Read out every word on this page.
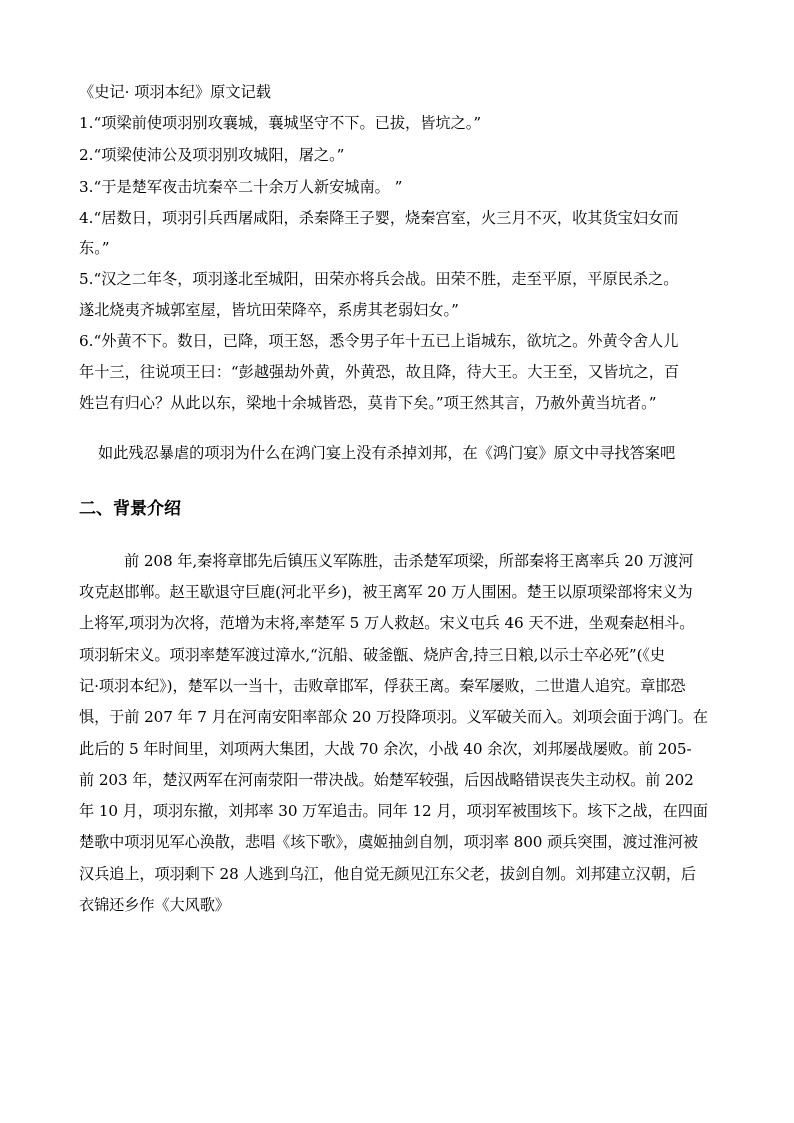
《史记· 项羽本纪》原文记载
1.“项梁前使项羽别攻襄城，襄城坚守不下。已拔，皆坑之。”
2.“项梁使沛公及项羽别攻城阳，屠之。”
3.“于是楚军夜击坑秦卒二十余万人新安城南。 ”
4.“居数日，项羽引兵西屠咸阳，杀秦降王子婴，烧秦宫室，火三月不灭，收其货宝妇女而
东。”
5.“汉之二年冬，项羽遂北至城阳，田荣亦将兵会战。田荣不胜，走至平原，平原民杀之。
遂北烧夷齐城郭室屋，皆坑田荣降卒，系虏其老弱妇女。”
6.“外黄不下。数日，已降，项王怒，悉令男子年十五已上诣城东，欲坑之。外黄令舍人儿
年十三，往说项王曰：“彭越强劫外黄，外黄恐，故且降，待大王。大王至，又皆坑之，百
姓岂有归心？从此以东，梁地十余城皆恐，莫肯下矣。”项王然其言，乃赦外黄当坑者。”
如此残忍暴虐的项羽为什么在鸿门宴上没有杀掉刘邦，在《鸿门宴》原文中寻找答案吧
二、背景介绍
前 208 年,秦将章邯先后镇压义军陈胜，击杀楚军项梁，所部秦将王离率兵 20 万渡河
攻克赵邯郸。赵王歇退守巨鹿(河北平乡)，被王离军 20 万人围困。楚王以原项梁部将宋义为
上将军,项羽为次将，范增为末将,率楚军 5 万人救赵。宋义屯兵 46 天不进，坐观秦赵相斗。
项羽斩宋义。项羽率楚军渡过漳水,“沉船、破釜甑、烧庐舍,持三日粮,以示士卒必死”(《史
记·项羽本纪》)，楚军以一当十，击败章邯军，俘获王离。秦军屡败，二世遣人追究。章邯恐
惧，于前 207 年 7 月在河南安阳率部众 20 万投降项羽。义军破关而入。刘项会面于鸿门。在
此后的 5 年时间里，刘项两大集团，大战 70 余次，小战 40 余次，刘邦屡战屡败。前 205-
前 203 年，楚汉两军在河南荥阳一带决战。始楚军较强，后因战略错误丧失主动权。前 202
年 10 月，项羽东撤，刘邦率 30 万军追击。同年 12 月，项羽军被围垓下。垓下之战，在四面
楚歌中项羽见军心涣散，悲唱《垓下歌》，虞姬抽剑自刎，项羽率 800 顽兵突围，渡过淮河被
汉兵追上，项羽剩下 28 人逃到乌江，他自觉无颜见江东父老，拔剑自刎。刘邦建立汉朝，后
衣锦还乡作《大风歌》
